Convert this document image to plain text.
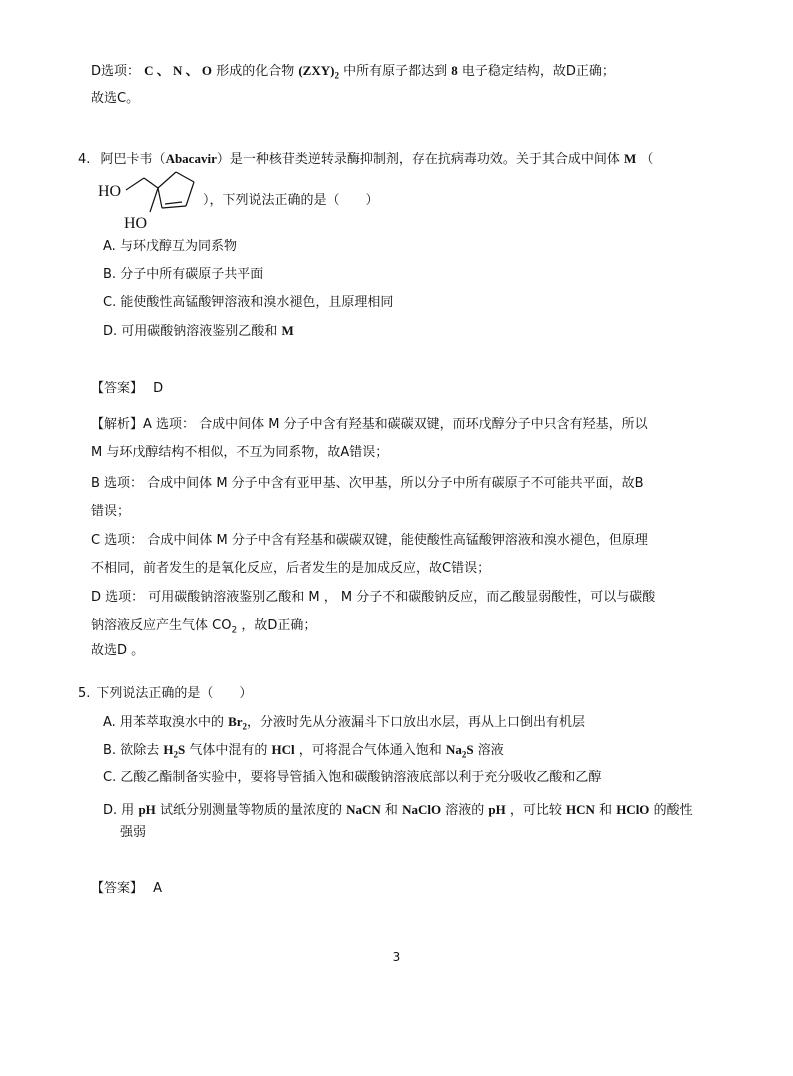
D选项： C 、 N 、 O 形成的化合物 $(ZXY)_2$ 中所有原子都达到 8 电子稳定结构，故D正确；
故选C。
4. 阿巴卡韦（Abacavir）是一种核苷类逆转录酶抑制剂，存在抗病毒功效。关于其合成中间体 M （
HO
HO
），下列说法正确的是（　　）
A. 与环戊醇互为同系物
B. 分子中所有碳原子共平面
C. 能使酸性高锰酸钾溶液和溴水褪色，且原理相同
D. 可用碳酸钠溶液鉴别乙酸和 M
【答案】 D
【解析】A 选项： 合成中间体 M 分子中含有羟基和碳碳双键，而环戊醇分子中只含有羟基，所以
M 与环戊醇结构不相似，不互为同系物，故A错误；
B 选项： 合成中间体 M 分子中含有亚甲基、次甲基，所以分子中所有碳原子不可能共平面，故B
错误；
C 选项： 合成中间体 M 分子中含有羟基和碳碳双键，能使酸性高锰酸钾溶液和溴水褪色，但原理
不相同，前者发生的是氧化反应，后者发生的是加成反应，故C错误；
D 选项： 可用碳酸钠溶液鉴别乙酸和 M ， M 分子不和碳酸钠反应，而乙酸显弱酸性，可以与碳酸
钠溶液反应产生气体 $CO_2$ ，故D正确；
故选D 。
5. 下列说法正确的是（　　）
A. 用苯萃取溴水中的 $Br_2$，分液时先从分液漏斗下口放出水层，再从上口倒出有机层
B. 欲除去 $H_2S$ 气体中混有的 HCl ，可将混合气体通入饱和 $Na_2S$ 溶液
C. 乙酸乙酯制备实验中，要将导管插入饱和碳酸钠溶液底部以利于充分吸收乙酸和乙醇
D. 用 pH 试纸分别测量等物质的量浓度的 NaCN 和 NaClO 溶液的 pH ，可比较 HCN 和 HClO 的酸性
强弱
【答案】 A
3
